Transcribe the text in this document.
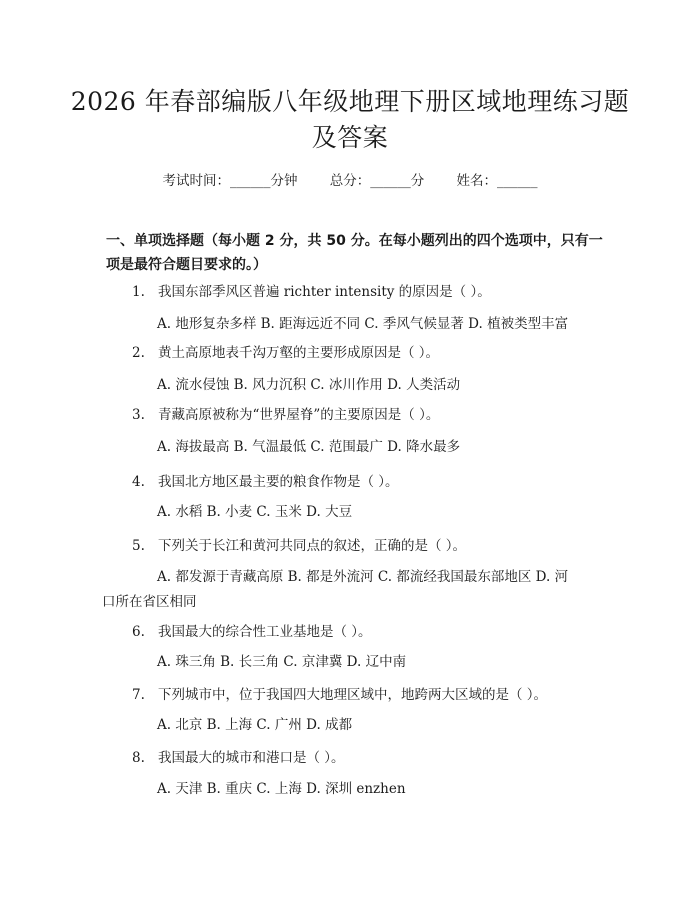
2026 年春部编版八年级地理下册区域地理练习题及答案
考试时间：______分钟 总分：______分 姓名：______
一、单项选择题（每小题 2 分，共 50 分。在每小题列出的四个选项中，只有一项是最符合题目要求的。）
1. 我国东部季风区普遍 richter intensity 的原因是（ ）。
A. 地形复杂多样 B. 距海远近不同 C. 季风气候显著 D. 植被类型丰富
2. 黄土高原地表千沟万壑的主要形成原因是（ ）。
A. 流水侵蚀 B. 风力沉积 C. 冰川作用 D. 人类活动
3. 青藏高原被称为“世界屋脊”的主要原因是（ ）。
A. 海拔最高 B. 气温最低 C. 范围最广 D. 降水最多
4. 我国北方地区最主要的粮食作物是（ ）。
A. 水稻 B. 小麦 C. 玉米 D. 大豆
5. 下列关于长江和黄河共同点的叙述，正确的是（ ）。
A. 都发源于青藏高原 B. 都是外流河 C. 都流经我国最东部地区 D. 河
口所在省区相同
6. 我国最大的综合性工业基地是（ ）。
A. 珠三角 B. 长三角 C. 京津冀 D. 辽中南
7. 下列城市中，位于我国四大地理区域中，地跨两大区域的是（ ）。
A. 北京 B. 上海 C. 广州 D. 成都
8. 我国最大的城市和港口是（ ）。
A. 天津 B. 重庆 C. 上海 D. 深圳 enzhen
